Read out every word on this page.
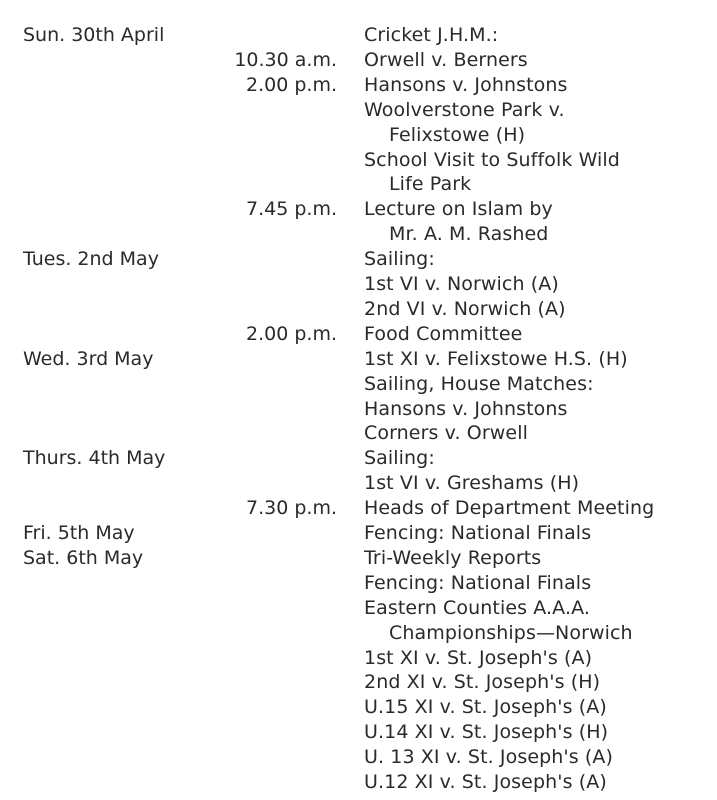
Sun. 30th April	Cricket J.H.M.:
10.30 a.m. Orwell v. Berners
2.00 p.m. Hansons v. Johnstons
Woolverstone Park v.
Felixstowe (H)
School Visit to Suffolk Wild
Life Park
7.45 p.m. Lecture on Islam by
Mr. A. M. Rashed
Tues. 2nd May	Sailing:
1st VI v. Norwich (A)
2nd VI v. Norwich (A)
2.00 p.m. Food Committee
Wed. 3rd May	1st XI v. Felixstowe H.S. (H)
Sailing, House Matches:
Hansons v. Johnstons
Corners v. Orwell
Thurs. 4th May	Sailing:
1st VI v. Greshams (H)
7.30 p.m. Heads of Department Meeting
Fri. 5th May	Fencing: National Finals
Sat. 6th May	Tri-Weekly Reports
Fencing: National Finals
Eastern Counties A.A.A.
Championships—Norwich
1st XI v. St. Joseph's (A)
2nd XI v. St. Joseph's (H)
U.15 XI v. St. Joseph's (A)
U.14 XI v. St. Joseph's (H)
U. 13 XI v. St. Joseph's (A)
U.12 XI v. St. Joseph's (A)
